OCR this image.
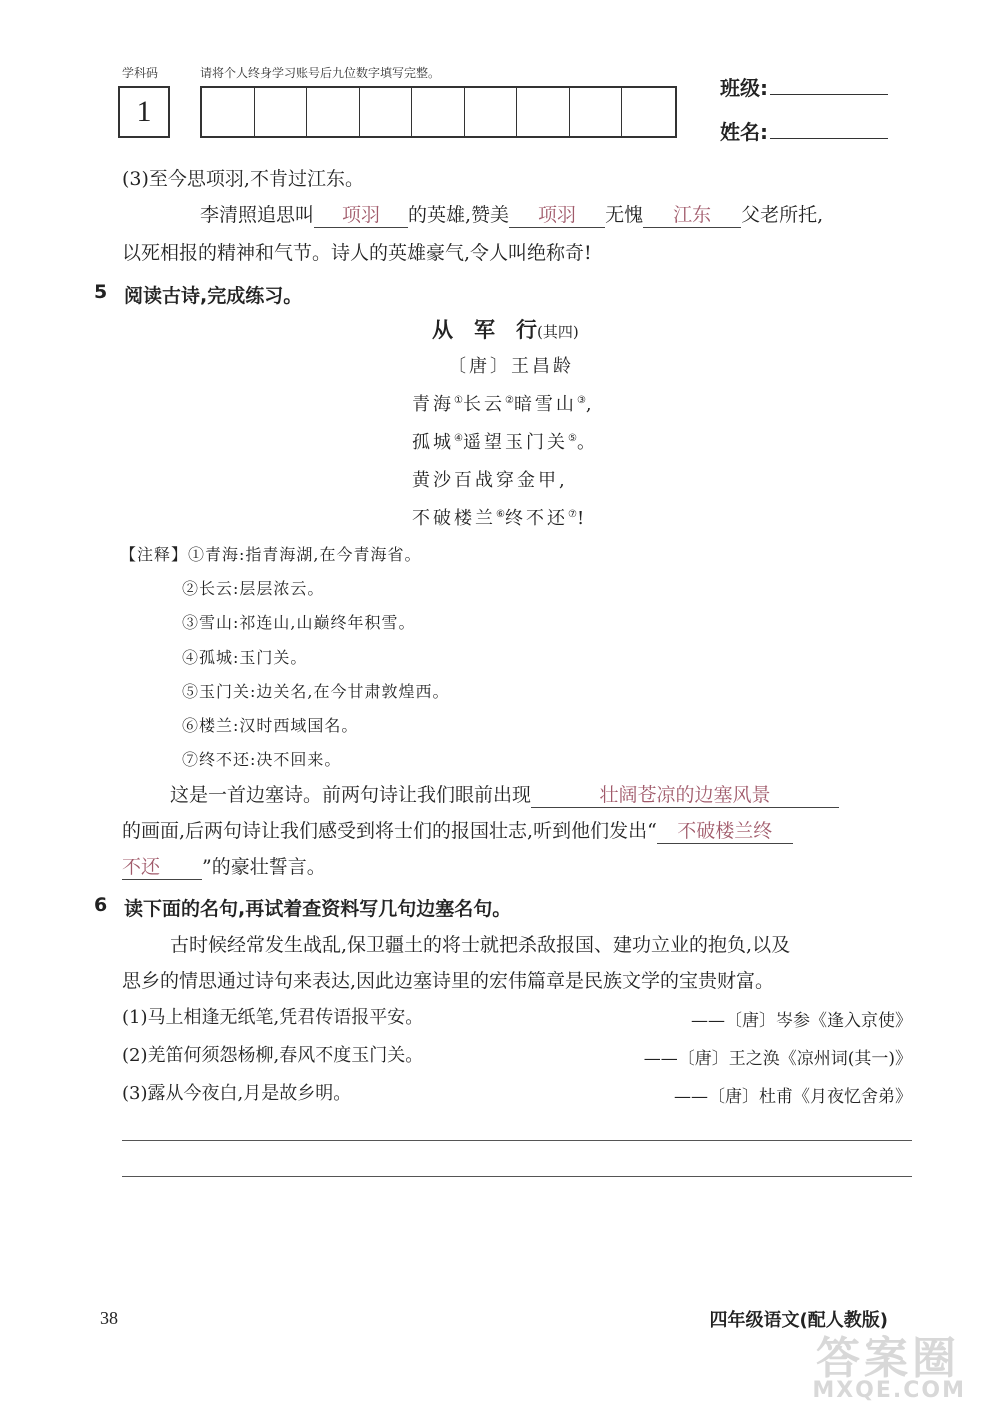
学科码	请将个人终身学习账号后九位数字填写完整。
1
班级:
姓名:
(3)至今思项羽,不肯过江东。
李清照追思叫 项羽 的英雄,赞美 项羽 无愧 江东 父老所托,
以死相报的精神和气节。诗人的英雄豪气,令人叫绝称奇!
5 阅读古诗,完成练习。
从　军　行(其四)
〔唐〕王昌龄
青海①长云②暗雪山③,
孤城④遥望玉门关⑤。
黄沙百战穿金甲,
不破楼兰⑥终不还⑦!
【注释】①青海:指青海湖,在今青海省。
②长云:层层浓云。
③雪山:祁连山,山巅终年积雪。
④孤城:玉门关。
⑤玉门关:边关名,在今甘肃敦煌西。
⑥楼兰:汉时西域国名。
⑦终不还:决不回来。
这是一首边塞诗。前两句诗让我们眼前出现	壮阔苍凉的边塞风景
的画面,后两句诗让我们感受到将士们的报国壮志,听到他们发出“ 不破楼兰终
不还 ”的豪壮誓言。
6 读下面的名句,再试着查资料写几句边塞名句。
古时候经常发生战乱,保卫疆土的将士就把杀敌报国、建功立业的抱负,以及
思乡的情思通过诗句来表达,因此边塞诗里的宏伟篇章是民族文学的宝贵财富。
(1)马上相逢无纸笔,凭君传语报平安。	——〔唐〕岑参《逢入京使》
(2)羌笛何须怨杨柳,春风不度玉门关。	——〔唐〕王之涣《凉州词(其一)》
(3)露从今夜白,月是故乡明。	——〔唐〕杜甫《月夜忆舍弟》
38	四年级语文(配人教版)
答案圈
MXQE.COM
